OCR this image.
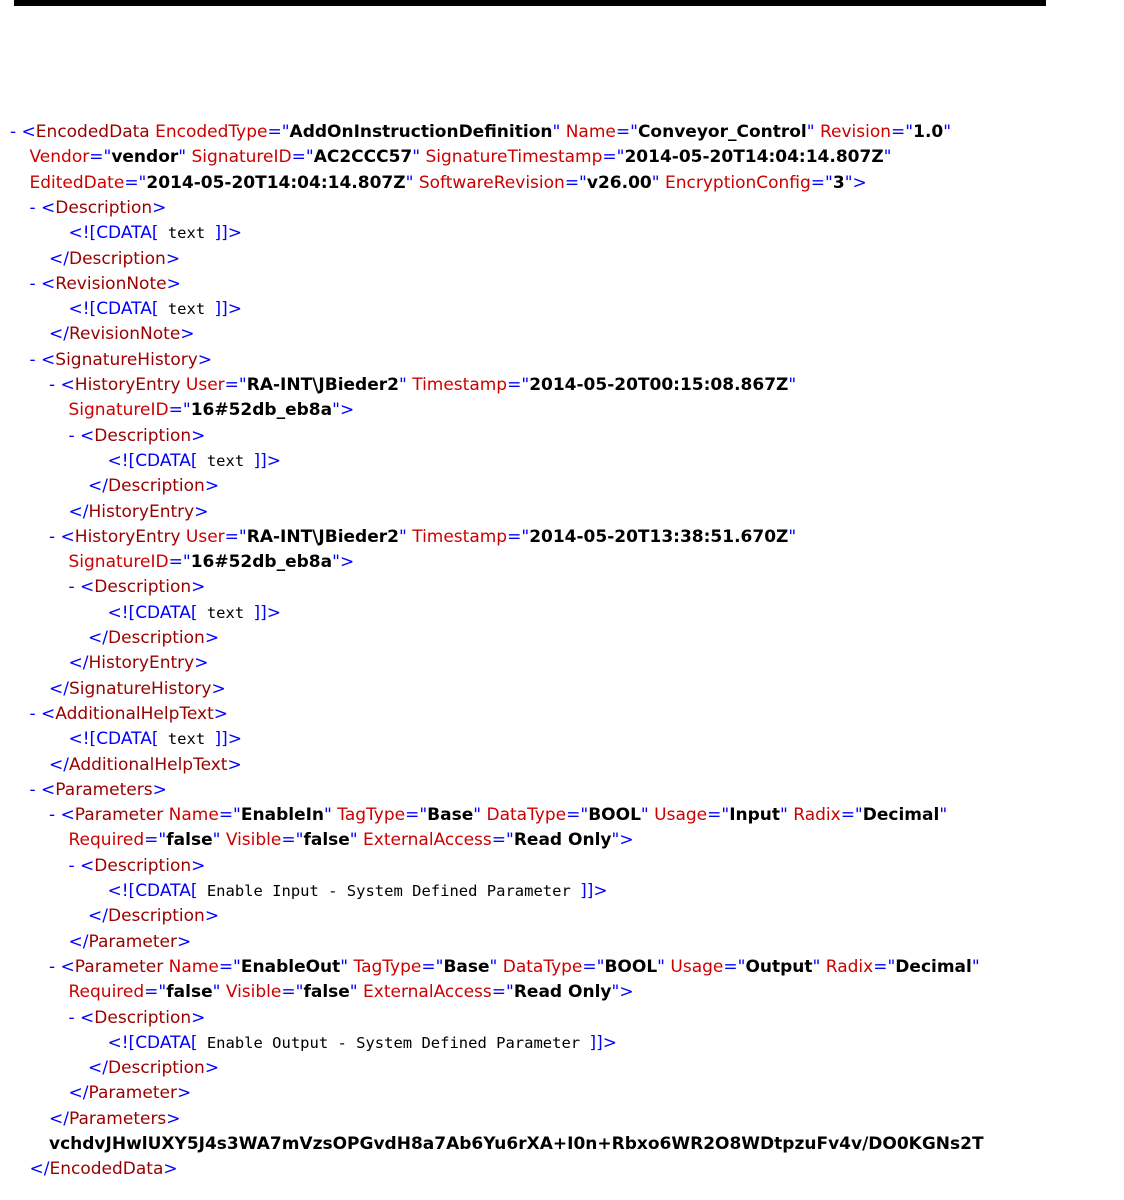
- <EncodedData EncodedType="AddOnInstructionDefinition" Name="Conveyor_Control" Revision="1.0"
Vendor="vendor" SignatureID="AC2CCC57" SignatureTimestamp="2014-05-20T14:04:14.807Z"
EditedDate="2014-05-20T14:04:14.807Z" SoftwareRevision="v26.00" EncryptionConfig="3">
- <Description>
<![CDATA[ text ]]>
</Description>
- <RevisionNote>
<![CDATA[ text ]]>
</RevisionNote>
- <SignatureHistory>
- <HistoryEntry User="RA-INT\JBieder2" Timestamp="2014-05-20T00:15:08.867Z"
SignatureID="16#52db_eb8a">
- <Description>
<![CDATA[ text ]]>
</Description>
</HistoryEntry>
- <HistoryEntry User="RA-INT\JBieder2" Timestamp="2014-05-20T13:38:51.670Z"
SignatureID="16#52db_eb8a">
- <Description>
<![CDATA[ text ]]>
</Description>
</HistoryEntry>
</SignatureHistory>
- <AdditionalHelpText>
<![CDATA[ text ]]>
</AdditionalHelpText>
- <Parameters>
- <Parameter Name="EnableIn" TagType="Base" DataType="BOOL" Usage="Input" Radix="Decimal"
Required="false" Visible="false" ExternalAccess="Read Only">
- <Description>
<![CDATA[ Enable Input - System Defined Parameter ]]>
</Description>
</Parameter>
- <Parameter Name="EnableOut" TagType="Base" DataType="BOOL" Usage="Output" Radix="Decimal"
Required="false" Visible="false" ExternalAccess="Read Only">
- <Description>
<![CDATA[ Enable Output - System Defined Parameter ]]>
</Description>
</Parameter>
</Parameters>
vchdvJHwlUXY5J4s3WA7mVzsOPGvdH8a7Ab6Yu6rXA+I0n+Rbxo6WR2O8WDtpzuFv4v/DO0KGNs2T
</EncodedData>
